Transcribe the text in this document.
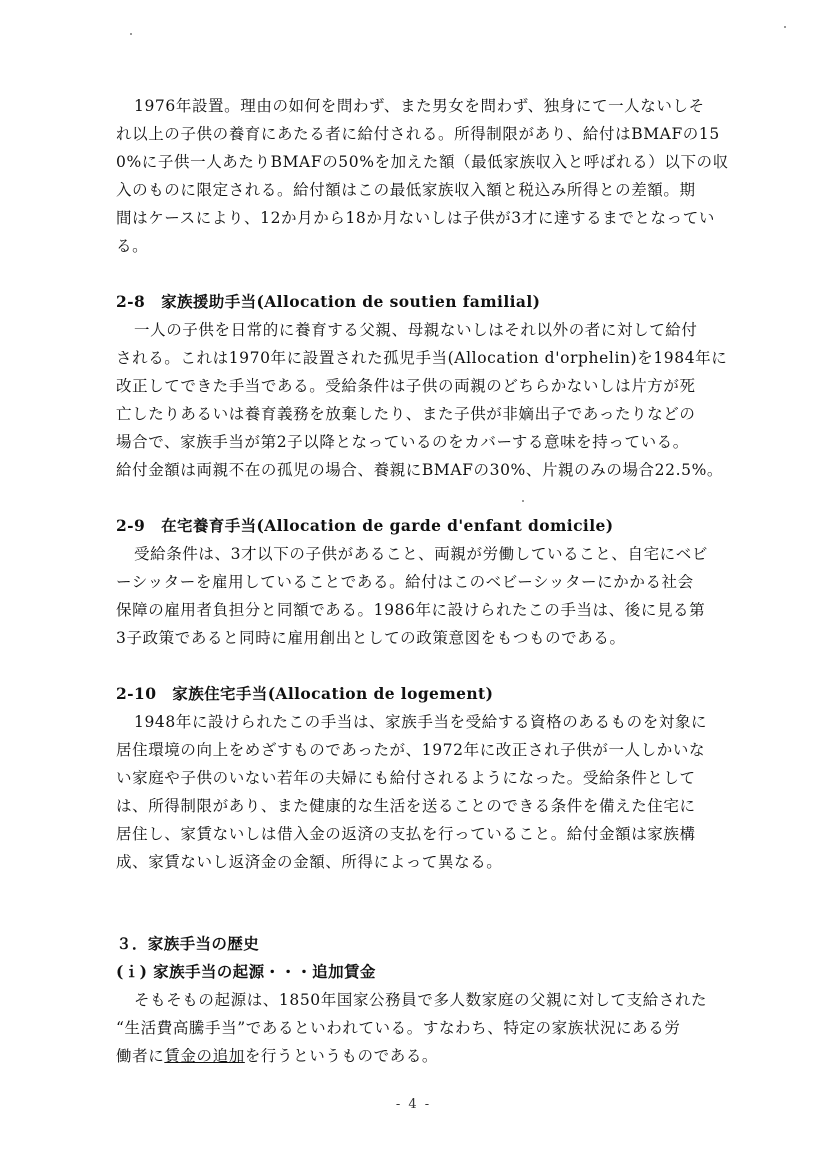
1976年設置。理由の如何を問わず、また男女を問わず、独身にて一人ないしそ
れ以上の子供の養育にあたる者に給付される。所得制限があり、給付はBMAFの15
0%に子供一人あたりBMAFの50%を加えた額（最低家族収入と呼ばれる）以下の収
入のものに限定される。給付額はこの最低家族収入額と税込み所得との差額。期
間はケースにより、12か月から18か月ないしは子供が3才に達するまでとなってい
る。
2-8　家族援助手当(Allocation de soutien familial)
一人の子供を日常的に養育する父親、母親ないしはそれ以外の者に対して給付
される。これは1970年に設置された孤児手当(Allocation d'orphelin)を1984年に
改正してできた手当である。受給条件は子供の両親のどちらかないしは片方が死
亡したりあるいは養育義務を放棄したり、また子供が非嫡出子であったりなどの
場合で、家族手当が第2子以降となっているのをカバーする意味を持っている。
給付金額は両親不在の孤児の場合、養親にBMAFの30%、片親のみの場合22.5%。
2-9　在宅養育手当(Allocation de garde d'enfant domicile)
受給条件は、3才以下の子供があること、両親が労働していること、自宅にベビ
ーシッターを雇用していることである。給付はこのベビーシッターにかかる社会
保障の雇用者負担分と同額である。1986年に設けられたこの手当は、後に見る第
3子政策であると同時に雇用創出としての政策意図をもつものである。
2-10　家族住宅手当(Allocation de logement)
1948年に設けられたこの手当は、家族手当を受給する資格のあるものを対象に
居住環境の向上をめざすものであったが、1972年に改正され子供が一人しかいな
い家庭や子供のいない若年の夫婦にも給付されるようになった。受給条件として
は、所得制限があり、また健康的な生活を送ることのできる条件を備えた住宅に
居住し、家賃ないしは借入金の返済の支払を行っていること。給付金額は家族構
成、家賃ないし返済金の金額、所得によって異なる。
３．家族手当の歴史
(ｉ) 家族手当の起源・・・追加賃金
そもそもの起源は、1850年国家公務員で多人数家庭の父親に対して支給された
“生活費高騰手当”であるといわれている。すなわち、特定の家族状況にある労
働者に賃金の追加を行うというものである。
- 4 -
